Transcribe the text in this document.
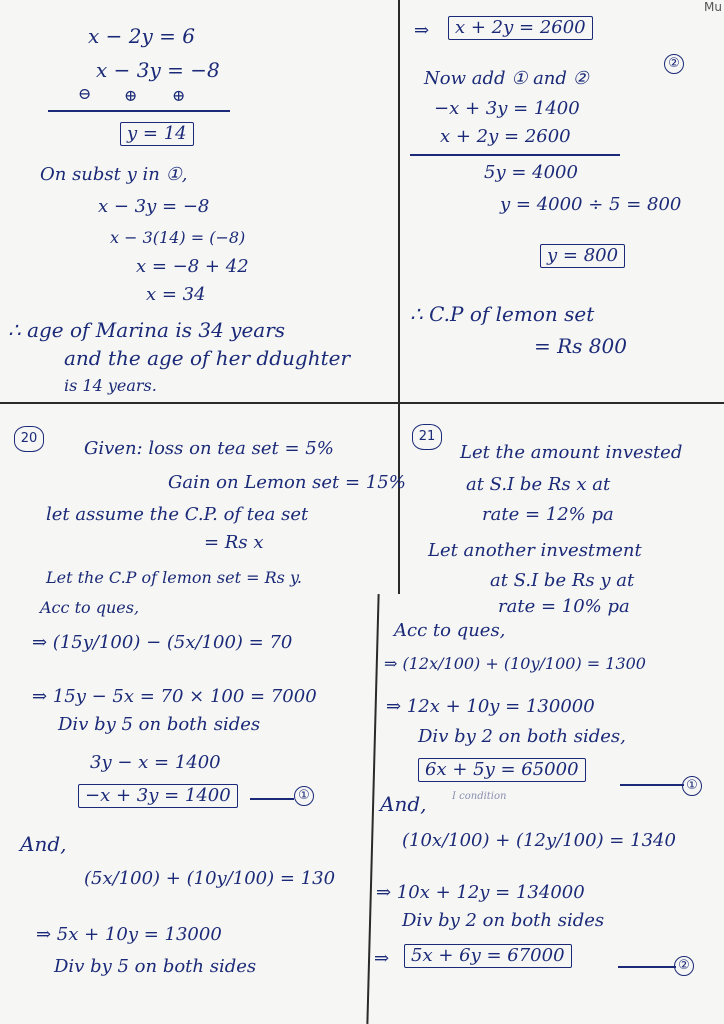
Mu
x − 2y = 6
x − 3y = −8
⊖ ⊕ ⊕
y = 14
On subst y in ①,
x − 3y = −8
x − 3(14) = (−8)
x = −8 + 42
x = 34
∴ age of Marina is 34 years
and the age of her ddughter
is 14 years.
⇒	x + 2y = 2600
②
Now add ① and ②
−x + 3y = 1400
x + 2y = 2600
5y = 4000
y = 4000 ÷ 5 = 800
y = 800
∴ C.P of lemon set
= Rs 800
20	Given: loss on tea set = 5%
Gain on Lemon set = 15%
let assume the C.P. of tea set
= Rs x
Let the C.P of lemon set = Rs y.
Acc to ques,
⇒ (15y/100) − (5x/100) = 70
⇒ 15y − 5x = 70 × 100 = 7000
Div by 5 on both sides
3y − x = 1400
−x + 3y = 1400	①
And,
(5x/100) + (10y/100) = 130
⇒ 5x + 10y = 13000
Div by 5 on both sides
21
Let the amount invested
at S.I be Rs x at
rate = 12% pa
Let another investment
at S.I be Rs y at
rate = 10% pa
Acc to ques,
⇒ (12x/100) + (10y/100) = 1300
⇒ 12x + 10y = 130000
Div by 2 on both sides,
6x + 5y = 65000
①
And,	I condition
(10x/100) + (12y/100) = 1340
⇒ 10x + 12y = 134000
Div by 2 on both sides
⇒	5x + 6y = 67000	②
